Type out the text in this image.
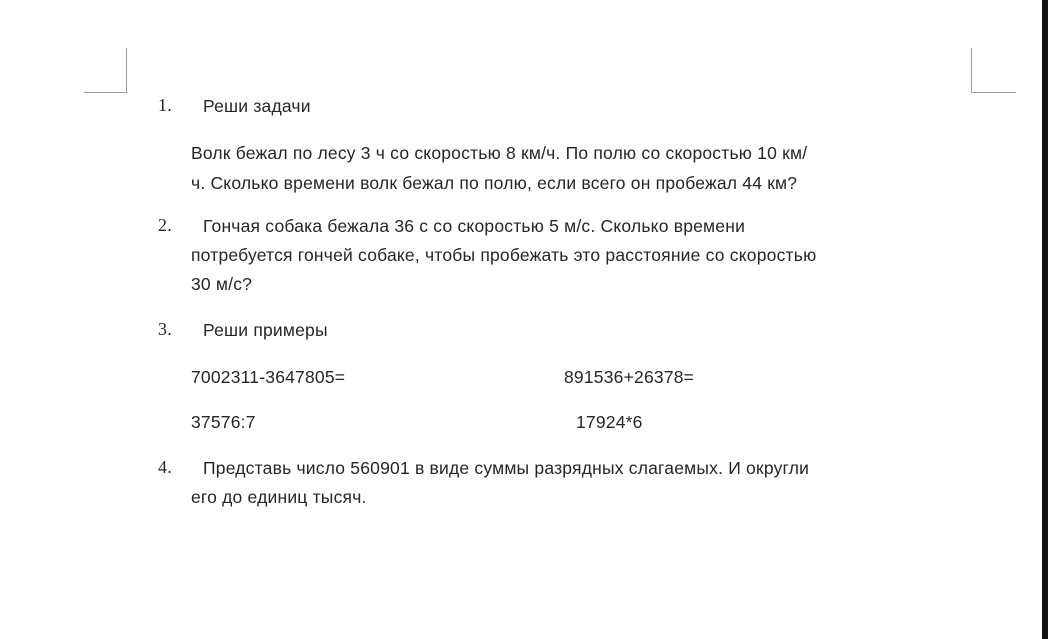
1. Реши задачи
Волк бежал по лесу 3 ч со скоростью 8 км/ч. По полю со скоростью 10 км/
ч. Сколько времени волк бежал по полю, если всего он пробежал 44 км?
2. Гончая собака бежала 36 с со скоростью 5 м/с. Сколько времени
потребуется гончей собаке, чтобы пробежать это расстояние со скоростью
30 м/с?
3. Реши примеры
7002311-3647805=	891536+26378=
37576:7	17924*6
4. Представь число 560901 в виде суммы разрядных слагаемых. И округли
его до единиц тысяч.
